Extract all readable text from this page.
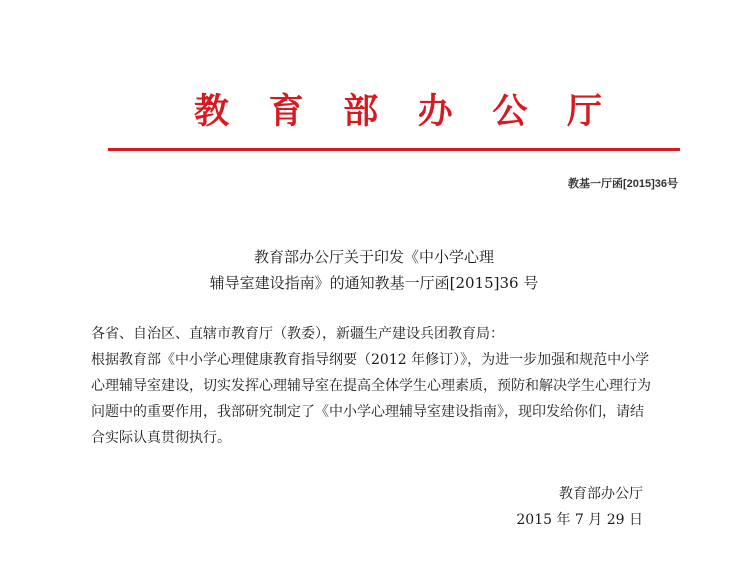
教 育 部 办 公 厅
教基一厅函[2015]36号
教育部办公厅关于印发《中小学心理
辅导室建设指南》的通知教基一厅函[2015]36 号

各省、自治区、直辖市教育厅（教委），新疆生产建设兵团教育局：

根据教育部《中小学心理健康教育指导纲要（2012 年修订）》，为进一步加强和规范中小学心理辅导室建设，切实发挥心理辅导室在提高全体学生心理素质，预防和解决学生心理行为问题中的重要作用，我部研究制定了《中小学心理辅导室建设指南》，现印发给你们，请结合实际认真贯彻执行。

教育部办公厅
2015 年 7 月 29 日
